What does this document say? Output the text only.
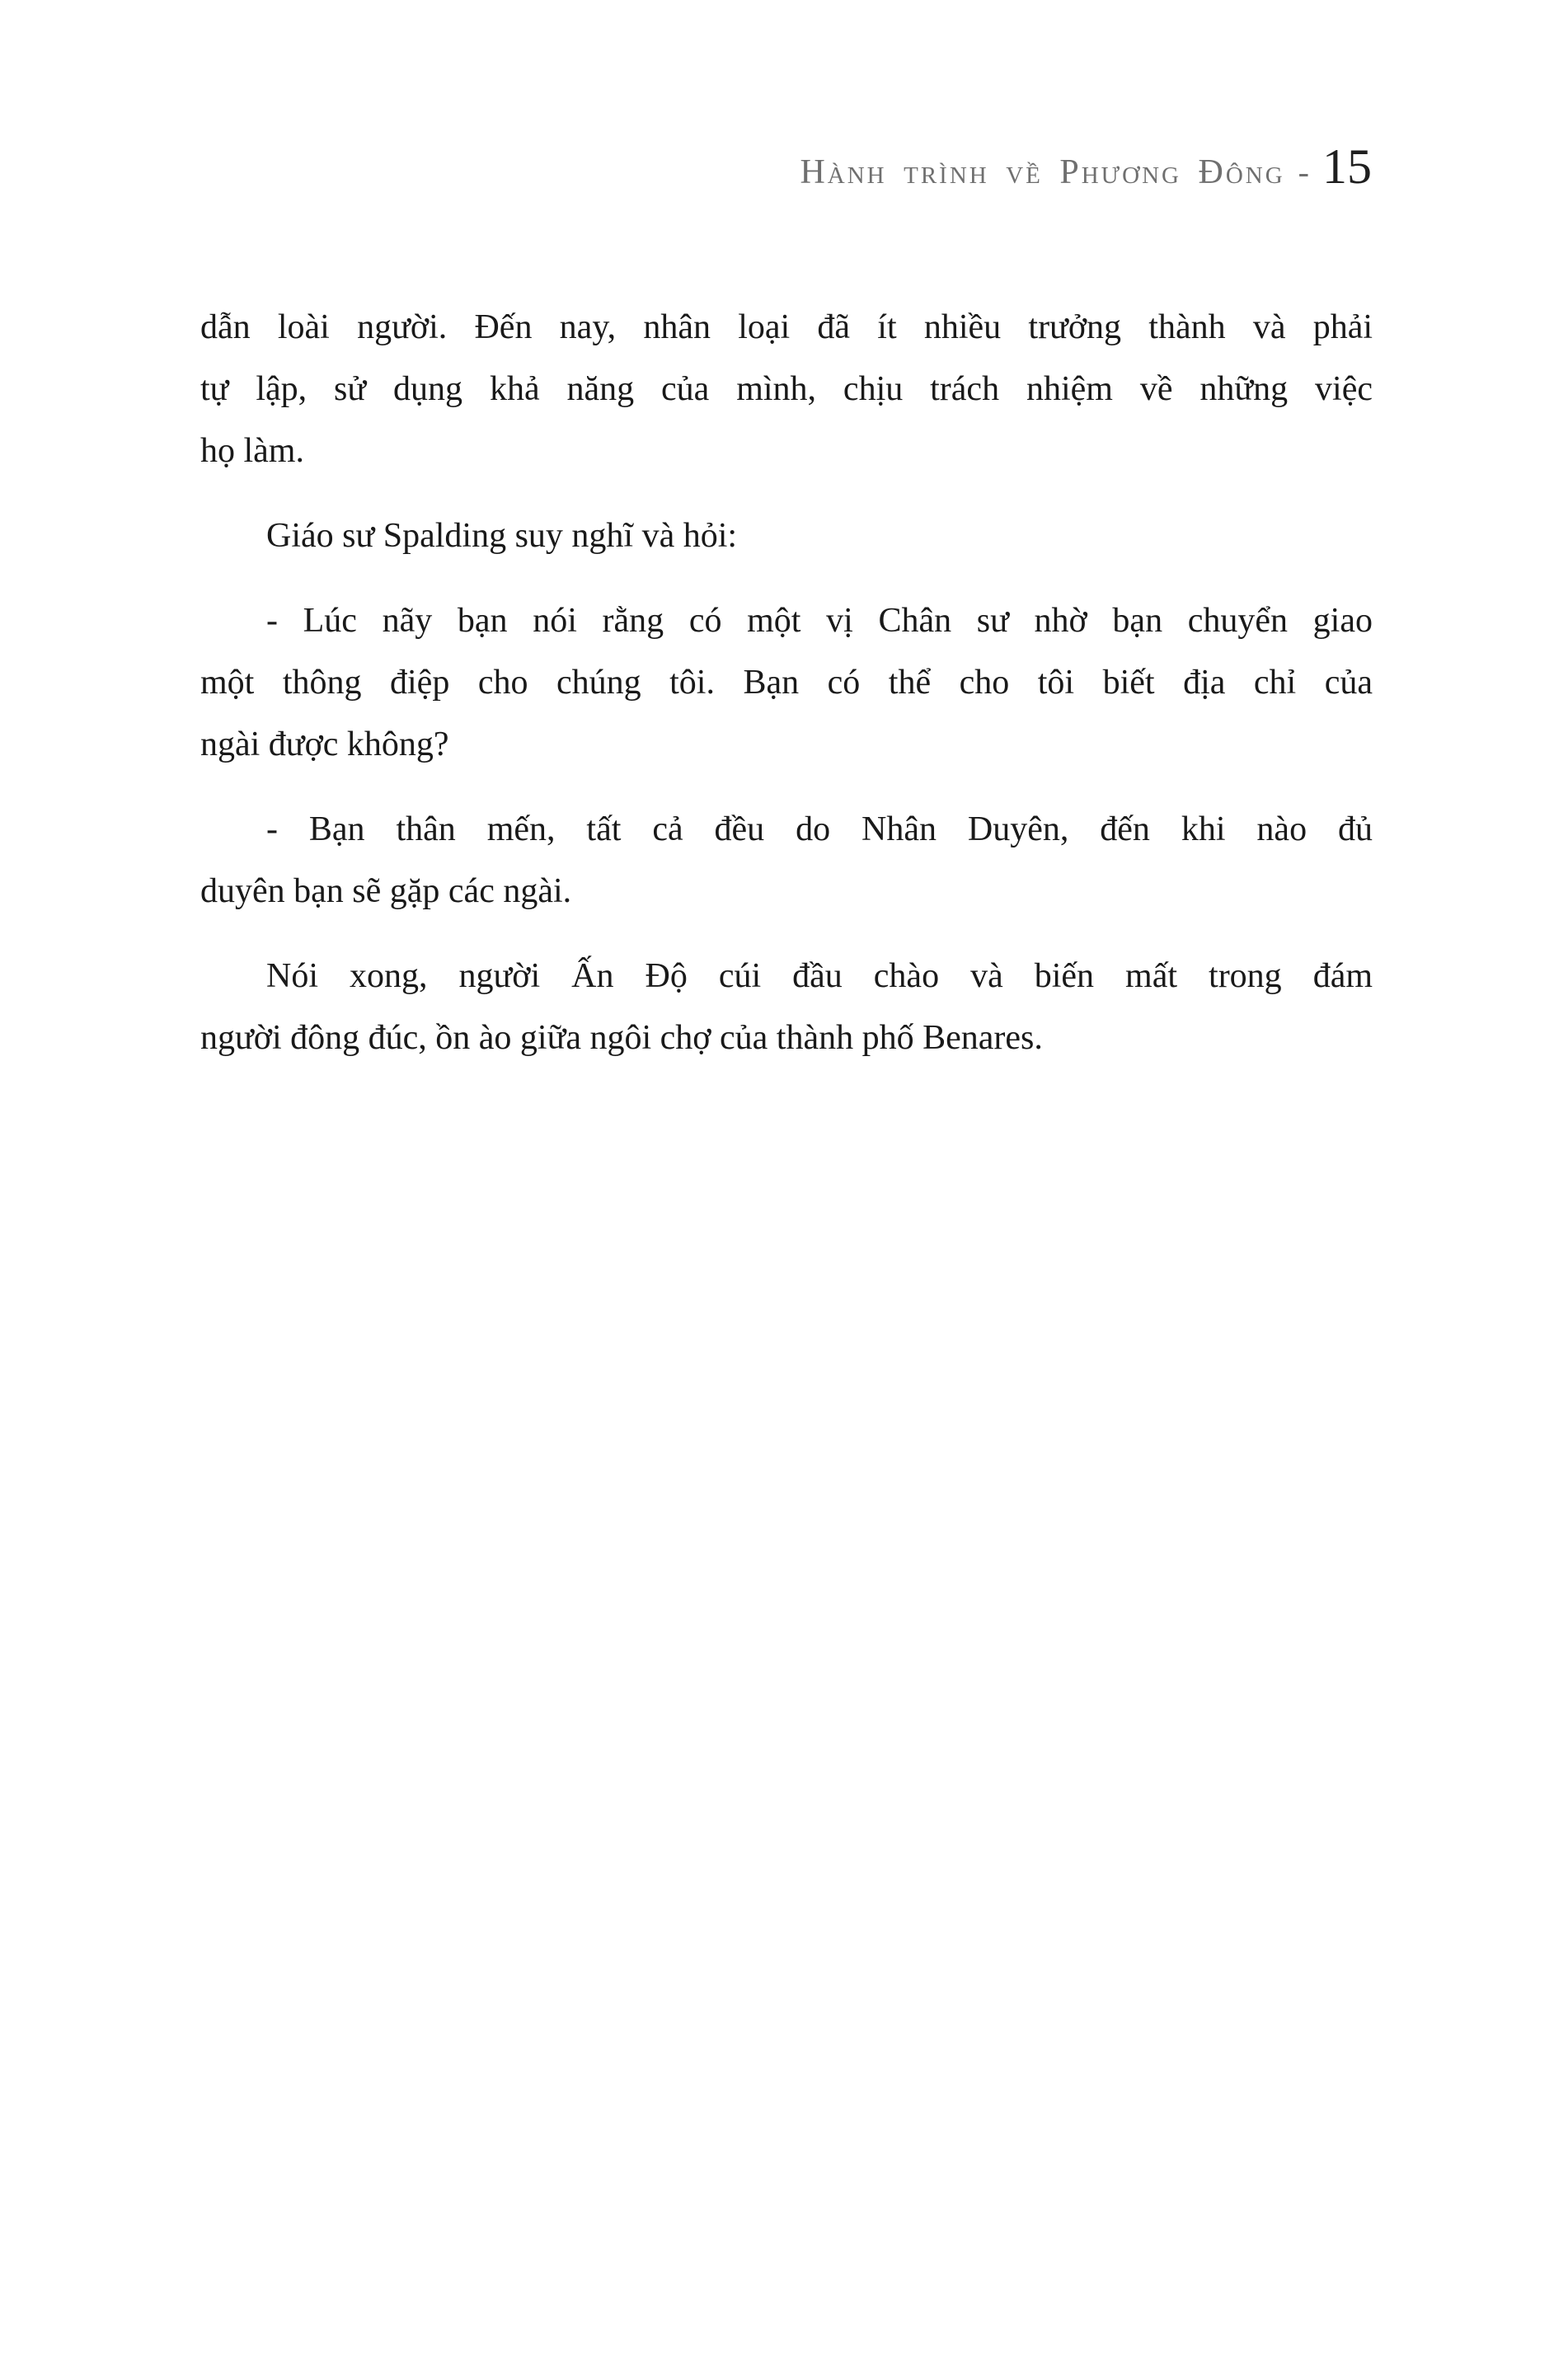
Hành trình về Phương Đông - 15
dẫn loài người. Đến nay, nhân loại đã ít nhiều trưởng thành và phải
tự lập, sử dụng khả năng của mình, chịu trách nhiệm về những việc
họ làm.
Giáo sư Spalding suy nghĩ và hỏi:
- Lúc nãy bạn nói rằng có một vị Chân sư nhờ bạn chuyển giao
một thông điệp cho chúng tôi. Bạn có thể cho tôi biết địa chỉ của
ngài được không?
- Bạn thân mến, tất cả đều do Nhân Duyên, đến khi nào đủ
duyên bạn sẽ gặp các ngài.
Nói xong, người Ấn Độ cúi đầu chào và biến mất trong đám
người đông đúc, ồn ào giữa ngôi chợ của thành phố Benares.
